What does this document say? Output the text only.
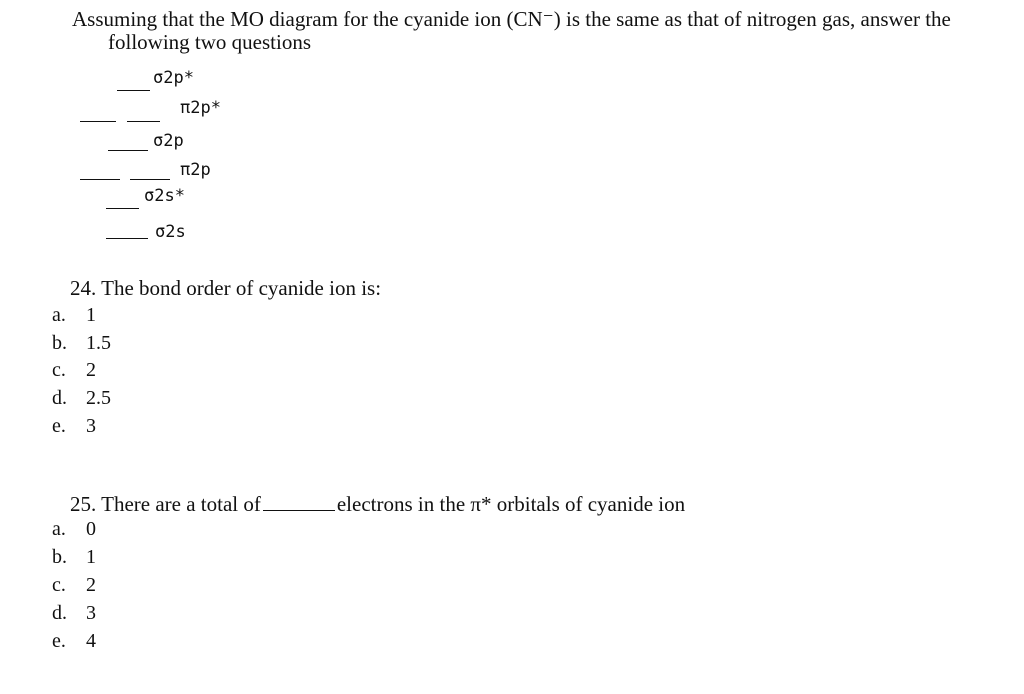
Assuming that the MO diagram for the cyanide ion (CN⁻) is the same as that of nitrogen gas, answer the
following two questions
σ2p*
π2p*
σ2p
π2p
σ2s*
σ2s
24. The bond order of cyanide ion is:
a. 1
b. 1.5
c. 2
d. 2.5
e. 3
25. There are a total of	electrons in the π* orbitals of cyanide ion
a. 0
b. 1
c. 2
d. 3
e. 4
